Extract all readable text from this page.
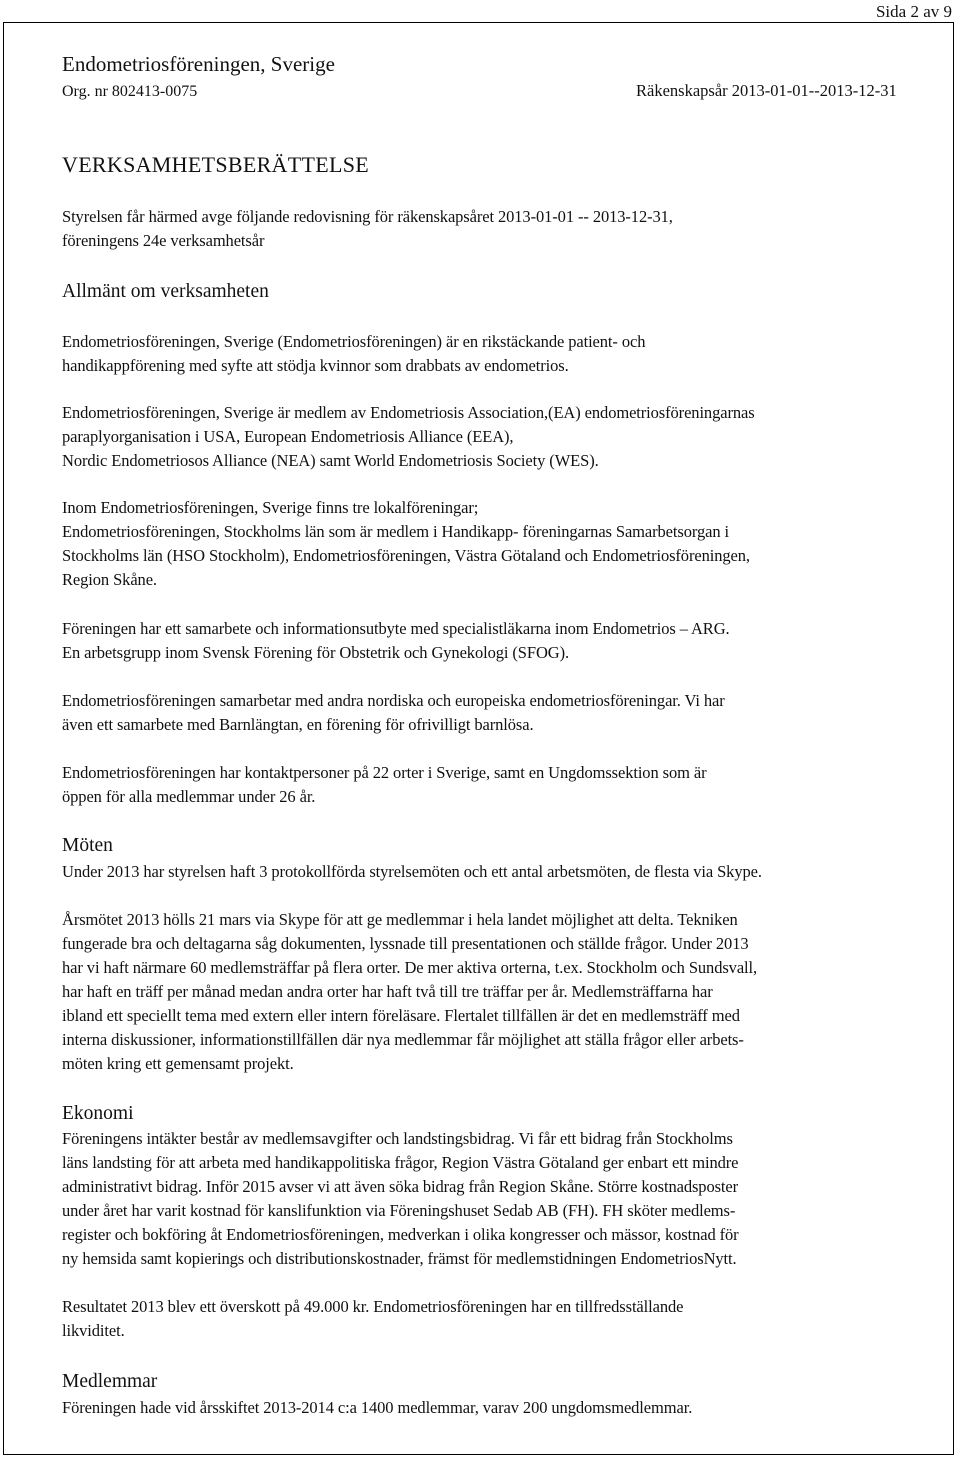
Sida 2 av 9
Endometriosföreningen, Sverige
Org. nr 802413-0075	Räkenskapsår 2013-01-01--2013-12-31
VERKSAMHETSBERÄTTELSE
Styrelsen får härmed avge följande redovisning för räkenskapsåret 2013-01-01 -- 2013-12-31,
föreningens 24e verksamhetsår
Allmänt om verksamheten
Endometriosföreningen, Sverige (Endometriosföreningen) är en rikstäckande patient- och
handikappförening med syfte att stödja kvinnor som drabbats av endometrios.
Endometriosföreningen, Sverige är medlem av Endometriosis Association,(EA) endometriosföreningarnas
paraplyorganisation i USA, European Endometriosis Alliance (EEA),
Nordic Endometriosos Alliance (NEA) samt World Endometriosis Society (WES).
Inom Endometriosföreningen, Sverige finns tre lokalföreningar;
Endometriosföreningen, Stockholms län som är medlem i Handikapp- föreningarnas Samarbetsorgan i
Stockholms län (HSO Stockholm), Endometriosföreningen, Västra Götaland och Endometriosföreningen,
Region Skåne.
Föreningen har ett samarbete och informationsutbyte med specialistläkarna inom Endometrios – ARG.
En arbetsgrupp inom Svensk Förening för Obstetrik och Gynekologi (SFOG).
Endometriosföreningen samarbetar med andra nordiska och europeiska endometriosföreningar. Vi har
även ett samarbete med Barnlängtan, en förening för ofrivilligt barnlösa.
Endometriosföreningen har kontaktpersoner på 22 orter i Sverige, samt en Ungdomssektion som är
öppen för alla medlemmar under 26 år.
Möten
Under 2013 har styrelsen haft 3 protokollförda styrelsemöten och ett antal arbetsmöten, de flesta via Skype.
Årsmötet 2013 hölls 21 mars via Skype för att ge medlemmar i hela landet möjlighet att delta. Tekniken
fungerade bra och deltagarna såg dokumenten, lyssnade till presentationen och ställde frågor. Under 2013
har vi haft närmare 60 medlemsträffar på flera orter. De mer aktiva orterna, t.ex. Stockholm och Sundsvall,
har haft en träff per månad medan andra orter har haft två till tre träffar per år. Medlemsträffarna har
ibland ett speciellt tema med extern eller intern föreläsare. Flertalet tillfällen är det en medlemsträff med
interna diskussioner, informationstillfällen där nya medlemmar får möjlighet att ställa frågor eller arbets-
möten kring ett gemensamt projekt.
Ekonomi
Föreningens intäkter består av medlemsavgifter och landstingsbidrag. Vi får ett bidrag från Stockholms
läns landsting för att arbeta med handikappolitiska frågor, Region Västra Götaland ger enbart ett mindre
administrativt bidrag. Inför 2015 avser vi att även söka bidrag från Region Skåne. Större kostnadsposter
under året har varit kostnad för kanslifunktion via Föreningshuset Sedab AB (FH). FH sköter medlems-
register och bokföring åt Endometriosföreningen, medverkan i olika kongresser och mässor, kostnad för
ny hemsida samt kopierings och distributionskostnader, främst för medlemstidningen EndometriosNytt.
Resultatet 2013 blev ett överskott på 49.000 kr. Endometriosföreningen har en tillfredsställande
likviditet.
Medlemmar
Föreningen hade vid årsskiftet 2013-2014 c:a 1400 medlemmar, varav 200 ungdomsmedlemmar.
